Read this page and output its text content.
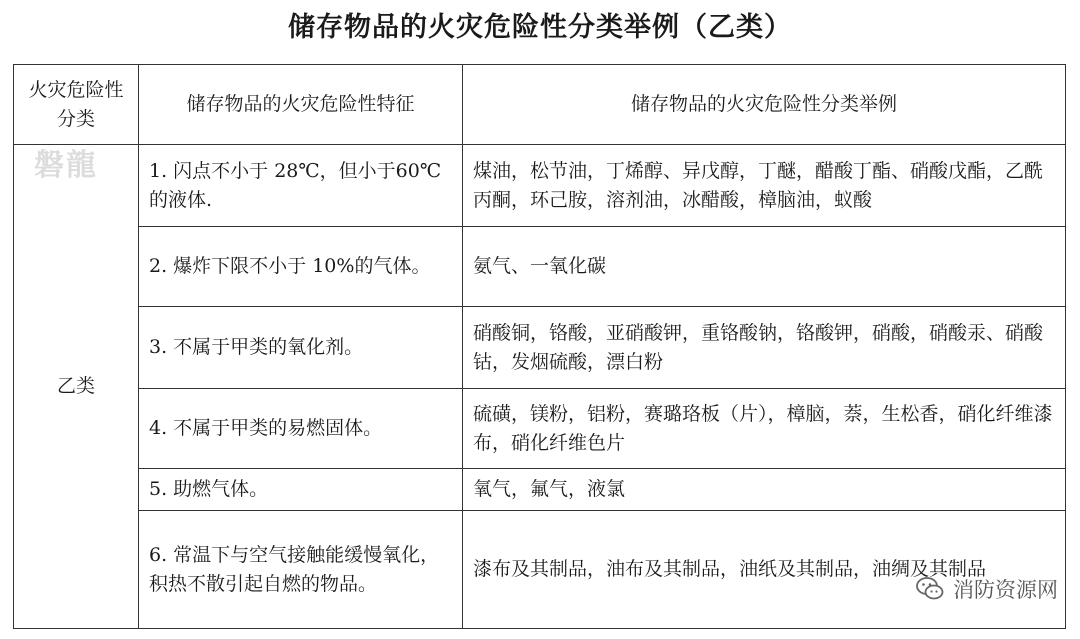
储存物品的火灾危险性分类举例（乙类）
火灾危险性分类	储存物品的火灾危险性特征	储存物品的火灾危险性分类举例

磐龍
乙类	1. 闪点不小于 28℃，但小于60℃的液体.	煤油，松节油，丁烯醇、异戊醇，丁醚，醋酸丁酯、硝酸戊酯，乙酰丙酮，环己胺，溶剂油，冰醋酸，樟脑油，蚁酸
	2. 爆炸下限不小于 10%的气体。	氨气、一氧化碳
	3. 不属于甲类的氧化剂。	硝酸铜，铬酸，亚硝酸钾，重铬酸钠，铬酸钾，硝酸，硝酸汞、硝酸钴，发烟硫酸，漂白粉
	4. 不属于甲类的易燃固体。	硫磺，镁粉，铝粉，赛璐珞板（片），樟脑，萘，生松香，硝化纤维漆布，硝化纤维色片
	5. 助燃气体。	氧气，氟气，液氯
	6. 常温下与空气接触能缓慢氧化，积热不散引起自燃的物品。	漆布及其制品，油布及其制品，油纸及其制品，油绸及其制品
消防资源网
